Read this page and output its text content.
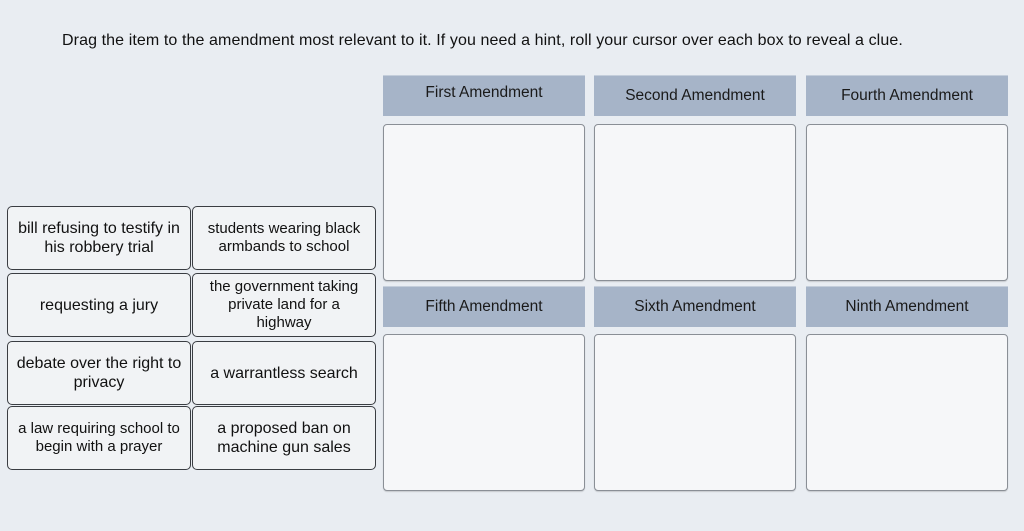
Drag the item to the amendment most relevant to it. If you need a hint, roll your cursor over each box to reveal a clue.
First Amendment	Second Amendment	Fourth Amendment
Fifth Amendment	Sixth Amendment	Ninth Amendment
bill refusing to testify in his robbery trial
students wearing black armbands to school
requesting a jury
the government taking private land for a highway
debate over the right to privacy
a warrantless search
a law requiring school to begin with a prayer
a proposed ban on machine gun sales
